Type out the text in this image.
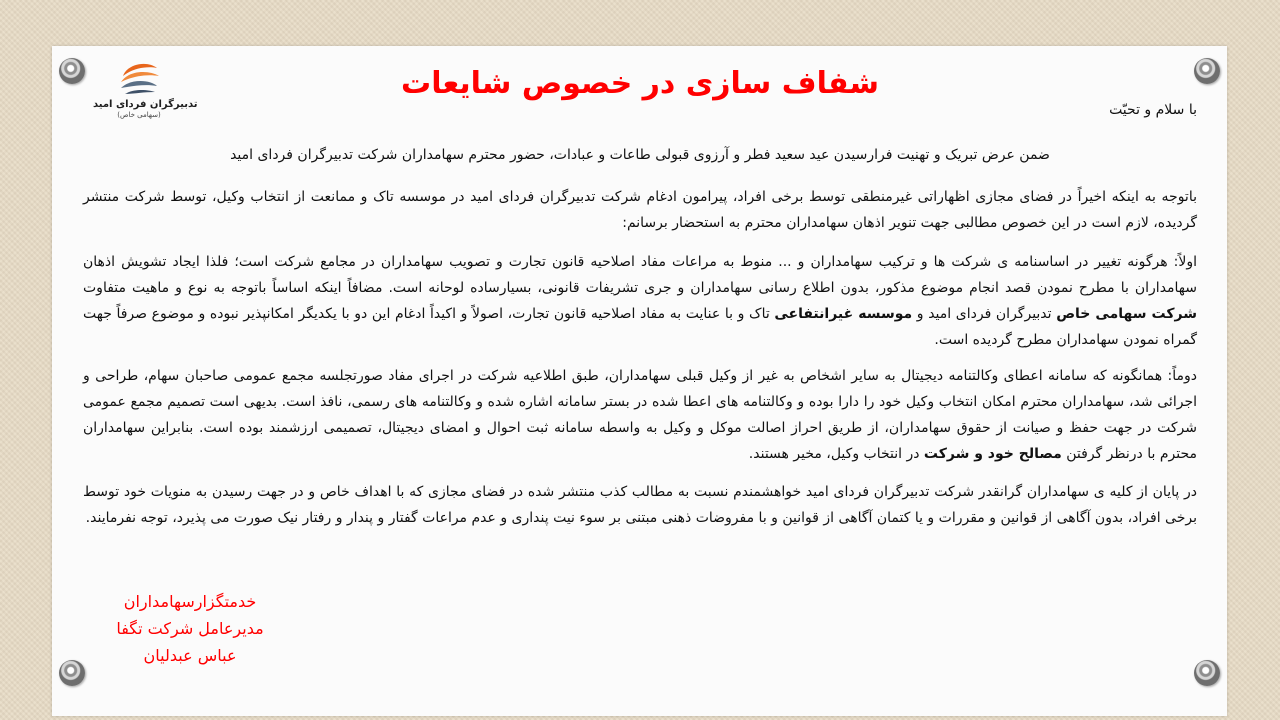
تدبیرگران فردای امید
(سهامی خاص)
شفاف سازی در خصوص شایعات

با سلام و تحیّت

ضمن عرض تبریک و تهنیت فرارسیدن عید سعید فطر و آرزوی قبولی طاعات و عبادات، حضور محترم سهامداران شرکت تدبیرگران فردای امید

باتوجه به اینکه اخیراً در فضای مجازی اظهاراتی غیرمنطقی توسط برخی افراد، پیرامون ادغام شرکت تدبیرگران فردای امید در موسسه تاک و ممانعت از انتخاب وکیل، توسط شرکت منتشر گردیده، لازم است در این خصوص مطالبی جهت تنویر اذهان سهامداران محترم به استحضار برسانم:

اولاً: هرگونه تغییر در اساسنامه ی شرکت ها و ترکیب سهامداران و ... منوط به مراعات مفاد اصلاحیه قانون تجارت و تصویب سهامداران در مجامع شرکت است؛ فلذا ایجاد تشویش اذهان سهامداران با مطرح نمودن قصد انجام موضوع مذکور، بدون اطلاع رسانی سهامداران و جری تشریفات قانونی، بسیارساده لوحانه است. مضافاً اینکه اساساً باتوجه به نوع و ماهیت متفاوت شرکت سهامی خاص تدبیرگران فردای امید و موسسه غیرانتفاعی تاک و با عنایت به مفاد اصلاحیه قانون تجارت، اصولاً و اکیداً ادغام این دو با یکدیگر امکانپذیر نبوده و موضوع صرفاً جهت گمراه نمودن سهامداران مطرح گردیده است.

دوماً: همانگونه که سامانه اعطای وکالتنامه دیجیتال به سایر اشخاص به غیر از وکیل قبلی سهامداران، طبق اطلاعیه شرکت در اجرای مفاد صورتجلسه مجمع عمومی صاحبان سهام، طراحی و اجرائی شد، سهامداران محترم امکان انتخاب وکیل خود را دارا بوده و وکالتنامه های اعطا شده در بستر سامانه اشاره شده و وکالتنامه های رسمی، نافذ است. بدیهی است تصمیم مجمع عمومی شرکت در جهت حفظ و صیانت از حقوق سهامداران، از طریق احراز اصالت موکل و وکیل به واسطه سامانه ثبت احوال و امضای دیجیتال، تصمیمی ارزشمند بوده است. بنابراین سهامداران محترم با درنظر گرفتن مصالح خود و شرکت در انتخاب وکیل، مخیر هستند.

در پایان از کلیه ی سهامداران گرانقدر شرکت تدبیرگران فردای امید خواهشمندم نسبت به مطالب کذب منتشر شده در فضای مجازی که با اهداف خاص و در جهت رسیدن به منویات خود توسط برخی افراد، بدون آگاهی از قوانین و مقررات و یا کتمان آگاهی از قوانین و با مفروضات ذهنی مبتنی بر سوء نیت پنداری و عدم مراعات گفتار و پندار و رفتار نیک صورت می پذیرد، توجه نفرمایند.

خدمتگزارسهامداران
مدیرعامل شرکت تگفا
عباس عبدلیان
